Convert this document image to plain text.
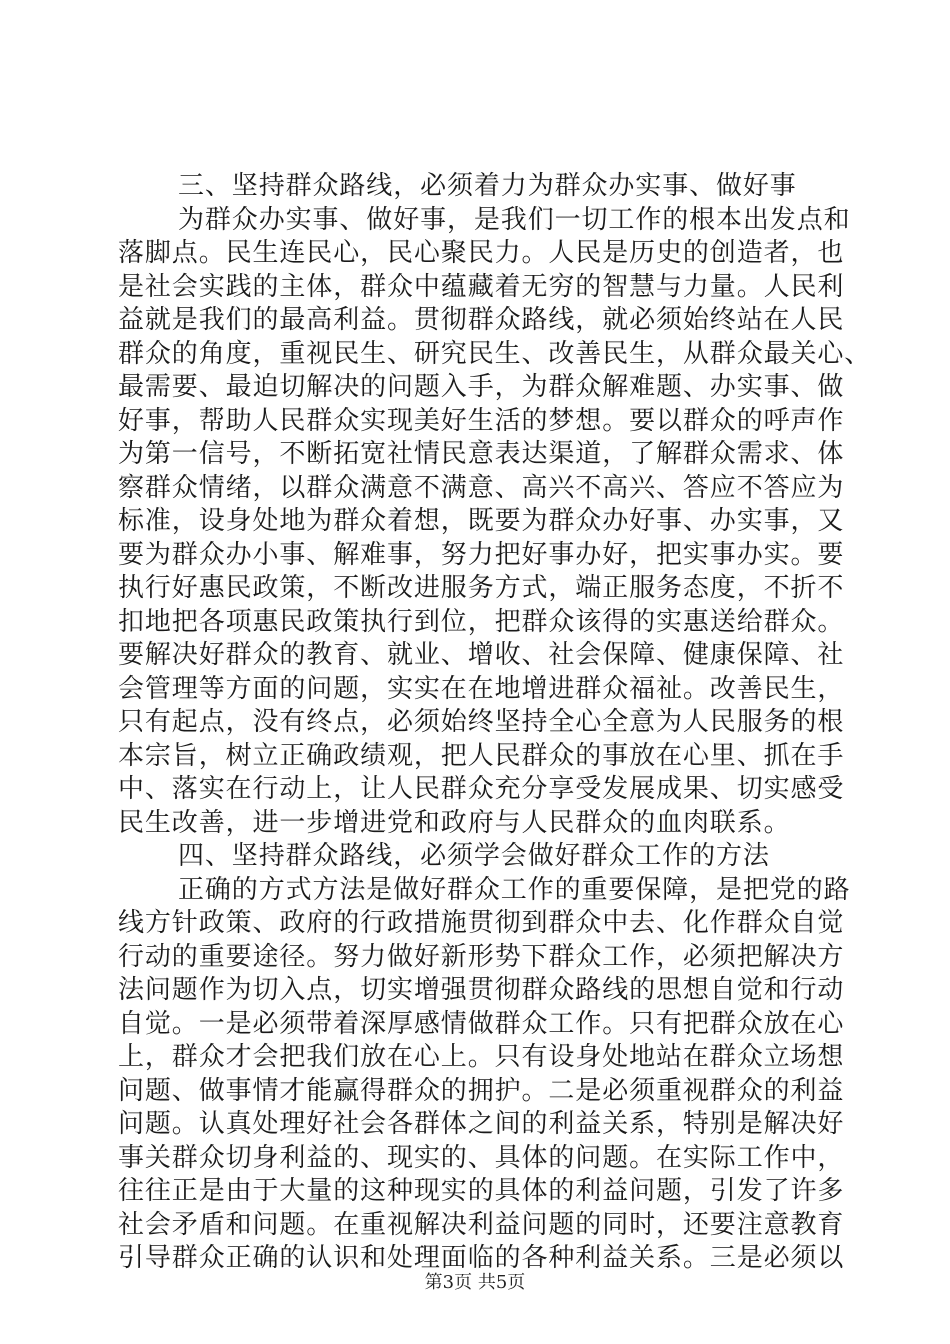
三、坚持群众路线，必须着力为群众办实事、做好事
为群众办实事、做好事，是我们一切工作的根本出发点和
落脚点。民生连民心，民心聚民力。人民是历史的创造者，也
是社会实践的主体，群众中蕴藏着无穷的智慧与力量。人民利
益就是我们的最高利益。贯彻群众路线，就必须始终站在人民
群众的角度，重视民生、研究民生、改善民生，从群众最关心、
最需要、最迫切解决的问题入手，为群众解难题、办实事、做
好事，帮助人民群众实现美好生活的梦想。要以群众的呼声作
为第一信号，不断拓宽社情民意表达渠道，了解群众需求、体
察群众情绪，以群众满意不满意、高兴不高兴、答应不答应为
标准，设身处地为群众着想，既要为群众办好事、办实事，又
要为群众办小事、解难事，努力把好事办好，把实事办实。要
执行好惠民政策，不断改进服务方式，端正服务态度，不折不
扣地把各项惠民政策执行到位，把群众该得的实惠送给群众。
要解决好群众的教育、就业、增收、社会保障、健康保障、社
会管理等方面的问题，实实在在地增进群众福祉。改善民生，
只有起点，没有终点，必须始终坚持全心全意为人民服务的根
本宗旨，树立正确政绩观，把人民群众的事放在心里、抓在手
中、落实在行动上，让人民群众充分享受发展成果、切实感受
民生改善，进一步增进党和政府与人民群众的血肉联系。
四、坚持群众路线，必须学会做好群众工作的方法
正确的方式方法是做好群众工作的重要保障，是把党的路
线方针政策、政府的行政措施贯彻到群众中去、化作群众自觉
行动的重要途径。努力做好新形势下群众工作，必须把解决方
法问题作为切入点，切实增强贯彻群众路线的思想自觉和行动
自觉。一是必须带着深厚感情做群众工作。只有把群众放在心
上，群众才会把我们放在心上。只有设身处地站在群众立场想
问题、做事情才能赢得群众的拥护。二是必须重视群众的利益
问题。认真处理好社会各群体之间的利益关系，特别是解决好
事关群众切身利益的、现实的、具体的问题。在实际工作中，
往往正是由于大量的这种现实的具体的利益问题，引发了许多
社会矛盾和问题。在重视解决利益问题的同时，还要注意教育
引导群众正确的认识和处理面临的各种利益关系。三是必须以
第3页 共5页
